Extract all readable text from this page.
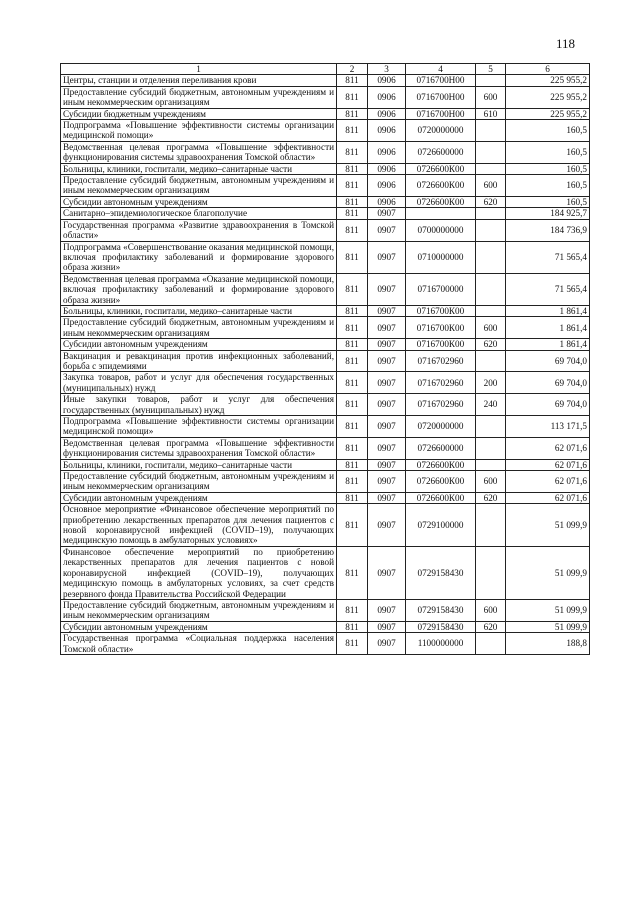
118
1	2	3	4	5	6
Центры, станции и отделения переливания крови	811	0906	0716700Н00		225 955,2
Предоставление субсидий бюджетным, автономным учреждениям и иным некоммерческим организациям	811	0906	0716700Н00	600	225 955,2
Субсидии бюджетным учреждениям	811	0906	0716700Н00	610	225 955,2
Подпрограмма «Повышение эффективности системы организации медицинской помощи»	811	0906	0720000000		160,5
Ведомственная целевая программа «Повышение эффективности функционирования системы здравоохранения Томской области»	811	0906	0726600000		160,5
Больницы, клиники, госпитали, медико–санитарные части	811	0906	0726600К00		160,5
Предоставление субсидий бюджетным, автономным учреждениям и иным некоммерческим организациям	811	0906	0726600К00	600	160,5
Субсидии автономным учреждениям	811	0906	0726600К00	620	160,5
Санитарно–эпидемиологическое благополучие	811	0907			184 925,7
Государственная программа «Развитие здравоохранения в Томской области»	811	0907	0700000000		184 736,9
Подпрограмма «Совершенствование оказания медицинской помощи, включая профилактику заболеваний и формирование здорового образа жизни»	811	0907	0710000000		71 565,4
Ведомственная целевая программа «Оказание медицинской помощи, включая профилактику заболеваний и формирование здорового образа жизни»	811	0907	0716700000		71 565,4
Больницы, клиники, госпитали, медико–санитарные части	811	0907	0716700К00		1 861,4
Предоставление субсидий бюджетным, автономным учреждениям и иным некоммерческим организациям	811	0907	0716700К00	600	1 861,4
Субсидии автономным учреждениям	811	0907	0716700К00	620	1 861,4
Вакцинация и ревакцинация против инфекционных заболеваний, борьба с эпидемиями	811	0907	0716702960		69 704,0
Закупка товаров, работ и услуг для обеспечения государственных (муниципальных) нужд	811	0907	0716702960	200	69 704,0
Иные закупки товаров, работ и услуг для обеспечения государственных (муниципальных) нужд	811	0907	0716702960	240	69 704,0
Подпрограмма «Повышение эффективности системы организации медицинской помощи»	811	0907	0720000000		113 171,5
Ведомственная целевая программа «Повышение эффективности функционирования системы здравоохранения Томской области»	811	0907	0726600000		62 071,6
Больницы, клиники, госпитали, медико–санитарные части	811	0907	0726600К00		62 071,6
Предоставление субсидий бюджетным, автономным учреждениям и иным некоммерческим организациям	811	0907	0726600К00	600	62 071,6
Субсидии автономным учреждениям	811	0907	0726600К00	620	62 071,6
Основное мероприятие «Финансовое обеспечение мероприятий по приобретению лекарственных препаратов для лечения пациентов с новой коронавирусной инфекцией (COVID–19), получающих медицинскую помощь в амбулаторных условиях»	811	0907	0729100000		51 099,9
Финансовое обеспечение мероприятий по приобретению лекарственных препаратов для лечения пациентов с новой коронавирусной инфекцией (COVID–19), получающих медицинскую помощь в амбулаторных условиях, за счет средств резервного фонда Правительства Российской Федерации	811	0907	0729158430		51 099,9
Предоставление субсидий бюджетным, автономным учреждениям и иным некоммерческим организациям	811	0907	0729158430	600	51 099,9
Субсидии автономным учреждениям	811	0907	0729158430	620	51 099,9
Государственная программа «Социальная поддержка населения Томской области»	811	0907	1100000000		188,8
